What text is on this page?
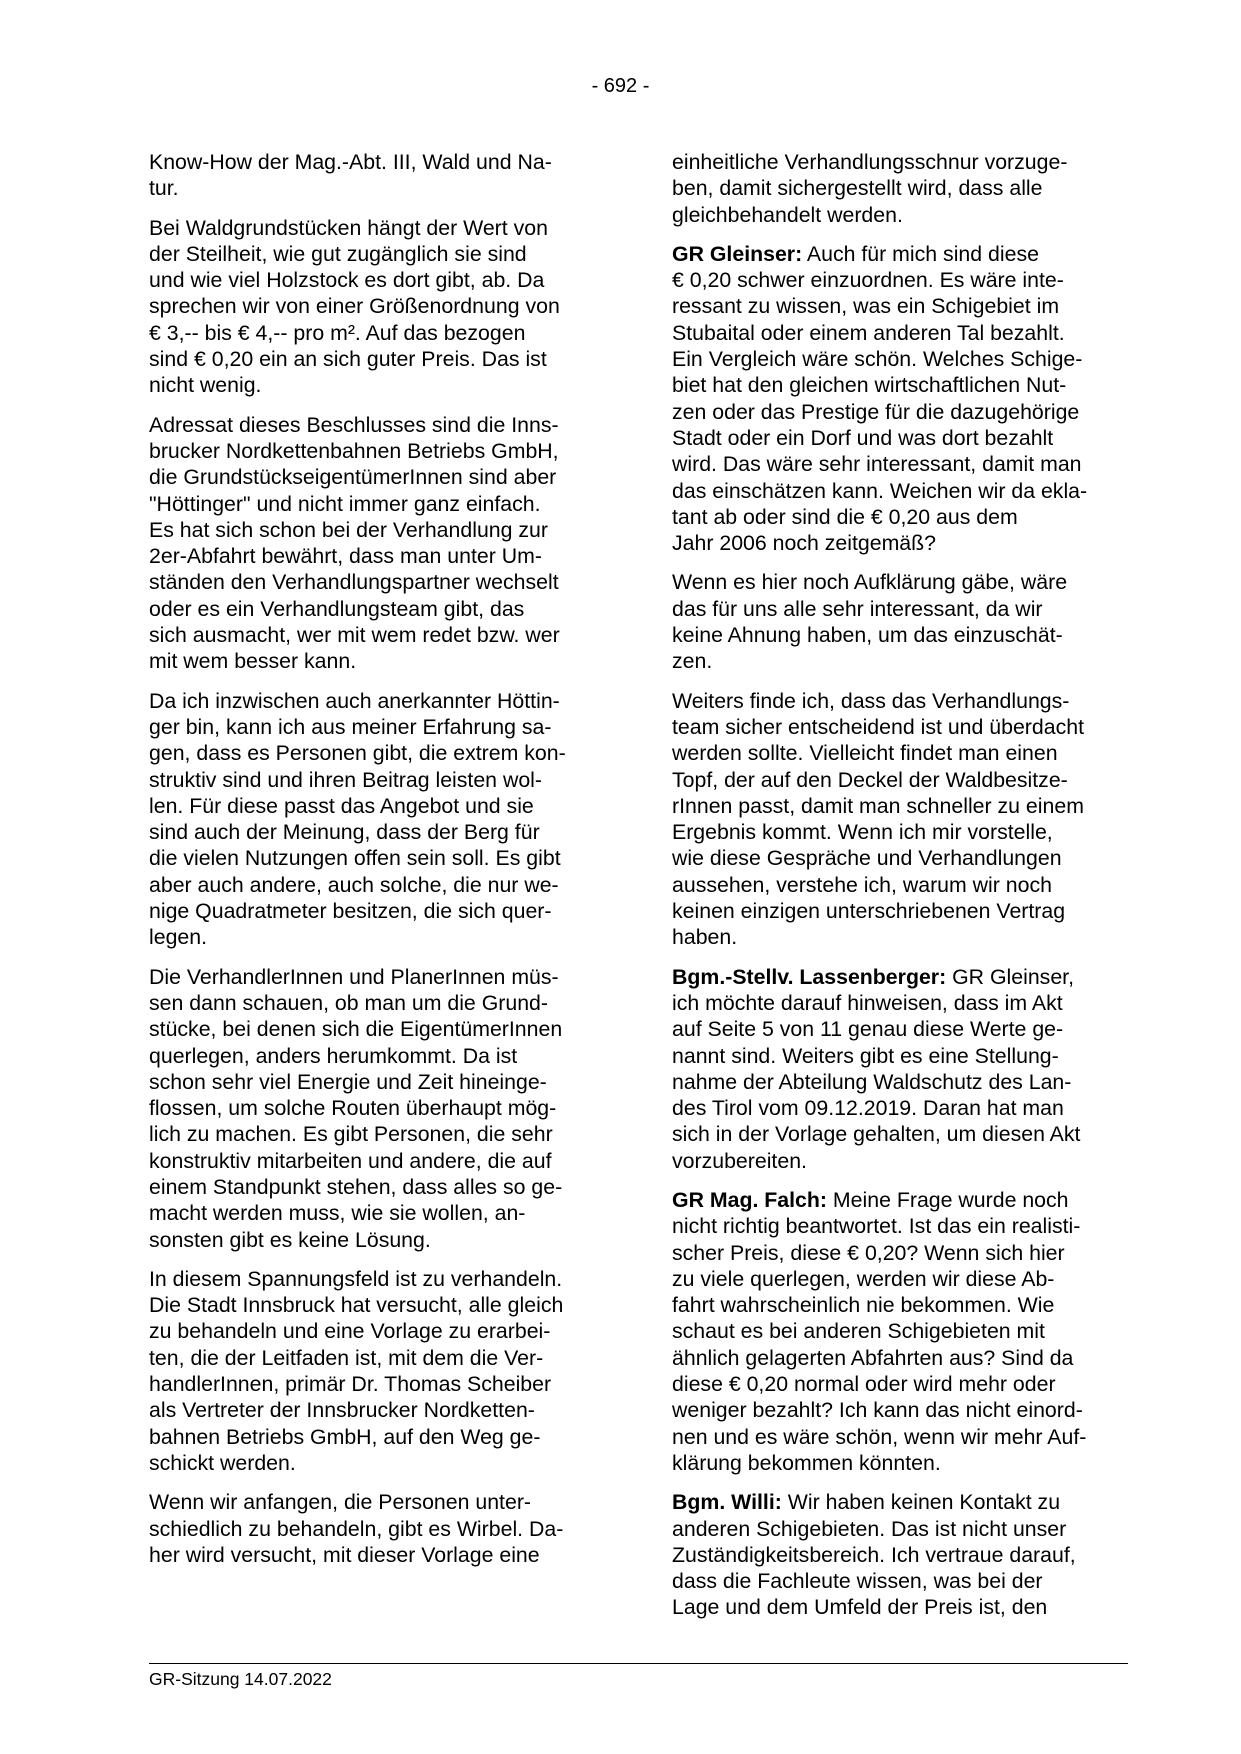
- 692 -

Know-How der Mag.-Abt. III, Wald und Na-
tur.

Bei Waldgrundstücken hängt der Wert von
der Steilheit, wie gut zugänglich sie sind
und wie viel Holzstock es dort gibt, ab. Da
sprechen wir von einer Größenordnung von
€ 3,-- bis € 4,-- pro m². Auf das bezogen
sind € 0,20 ein an sich guter Preis. Das ist
nicht wenig.

Adressat dieses Beschlusses sind die Inns-
brucker Nordkettenbahnen Betriebs GmbH,
die GrundstückseigentümerInnen sind aber
"Höttinger" und nicht immer ganz einfach.
Es hat sich schon bei der Verhandlung zur
2er-Abfahrt bewährt, dass man unter Um-
ständen den Verhandlungspartner wechselt
oder es ein Verhandlungsteam gibt, das
sich ausmacht, wer mit wem redet bzw. wer
mit wem besser kann.

Da ich inzwischen auch anerkannter Höttin-
ger bin, kann ich aus meiner Erfahrung sa-
gen, dass es Personen gibt, die extrem kon-
struktiv sind und ihren Beitrag leisten wol-
len. Für diese passt das Angebot und sie
sind auch der Meinung, dass der Berg für
die vielen Nutzungen offen sein soll. Es gibt
aber auch andere, auch solche, die nur we-
nige Quadratmeter besitzen, die sich quer-
legen.

Die VerhandlerInnen und PlanerInnen müs-
sen dann schauen, ob man um die Grund-
stücke, bei denen sich die EigentümerInnen
querlegen, anders herumkommt. Da ist
schon sehr viel Energie und Zeit hineinge-
flossen, um solche Routen überhaupt mög-
lich zu machen. Es gibt Personen, die sehr
konstruktiv mitarbeiten und andere, die auf
einem Standpunkt stehen, dass alles so ge-
macht werden muss, wie sie wollen, an-
sonsten gibt es keine Lösung.

In diesem Spannungsfeld ist zu verhandeln.
Die Stadt Innsbruck hat versucht, alle gleich
zu behandeln und eine Vorlage zu erarbei-
ten, die der Leitfaden ist, mit dem die Ver-
handlerInnen, primär Dr. Thomas Scheiber
als Vertreter der Innsbrucker Nordketten-
bahnen Betriebs GmbH, auf den Weg ge-
schickt werden.

Wenn wir anfangen, die Personen unter-
schiedlich zu behandeln, gibt es Wirbel. Da-
her wird versucht, mit dieser Vorlage eine

einheitliche Verhandlungsschnur vorzuge-
ben, damit sichergestellt wird, dass alle
gleichbehandelt werden.

GR Gleinser: Auch für mich sind diese
€ 0,20 schwer einzuordnen. Es wäre inte-
ressant zu wissen, was ein Schigebiet im
Stubaital oder einem anderen Tal bezahlt.
Ein Vergleich wäre schön. Welches Schige-
biet hat den gleichen wirtschaftlichen Nut-
zen oder das Prestige für die dazugehörige
Stadt oder ein Dorf und was dort bezahlt
wird. Das wäre sehr interessant, damit man
das einschätzen kann. Weichen wir da ekla-
tant ab oder sind die € 0,20 aus dem
Jahr 2006 noch zeitgemäß?

Wenn es hier noch Aufklärung gäbe, wäre
das für uns alle sehr interessant, da wir
keine Ahnung haben, um das einzuschät-
zen.

Weiters finde ich, dass das Verhandlungs-
team sicher entscheidend ist und überdacht
werden sollte. Vielleicht findet man einen
Topf, der auf den Deckel der Waldbesitze-
rInnen passt, damit man schneller zu einem
Ergebnis kommt. Wenn ich mir vorstelle,
wie diese Gespräche und Verhandlungen
aussehen, verstehe ich, warum wir noch
keinen einzigen unterschriebenen Vertrag
haben.

Bgm.-Stellv. Lassenberger: GR Gleinser,
ich möchte darauf hinweisen, dass im Akt
auf Seite 5 von 11 genau diese Werte ge-
nannt sind. Weiters gibt es eine Stellung-
nahme der Abteilung Waldschutz des Lan-
des Tirol vom 09.12.2019. Daran hat man
sich in der Vorlage gehalten, um diesen Akt
vorzubereiten.

GR Mag. Falch: Meine Frage wurde noch
nicht richtig beantwortet. Ist das ein realisti-
scher Preis, diese € 0,20? Wenn sich hier
zu viele querlegen, werden wir diese Ab-
fahrt wahrscheinlich nie bekommen. Wie
schaut es bei anderen Schigebieten mit
ähnlich gelagerten Abfahrten aus? Sind da
diese € 0,20 normal oder wird mehr oder
weniger bezahlt? Ich kann das nicht einord-
nen und es wäre schön, wenn wir mehr Auf-
klärung bekommen könnten.

Bgm. Willi: Wir haben keinen Kontakt zu
anderen Schigebieten. Das ist nicht unser
Zuständigkeitsbereich. Ich vertraue darauf,
dass die Fachleute wissen, was bei der
Lage und dem Umfeld der Preis ist, den

GR-Sitzung 14.07.2022
